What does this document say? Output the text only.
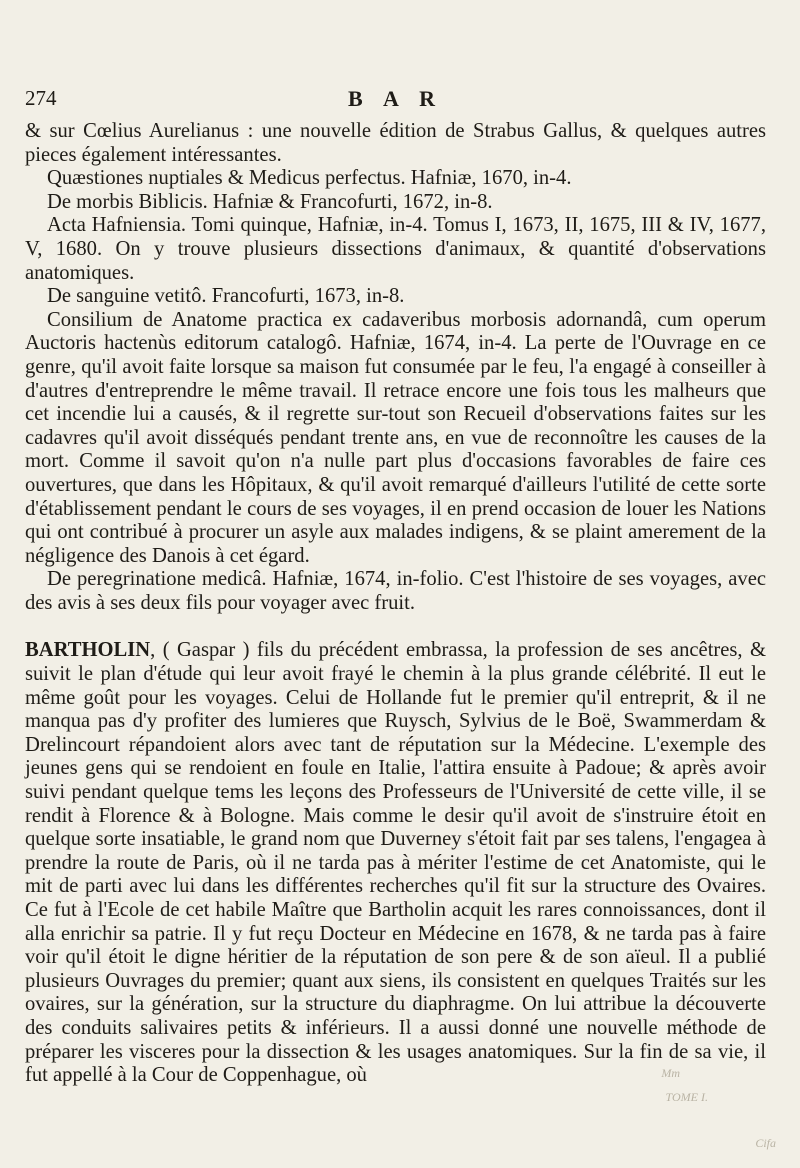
274	B A R

& sur Cœlius Aurelianus : une nouvelle édition de Strabus Gallus, & quelques autres pieces également intéressantes.

Quæstiones nuptiales & Medicus perfectus. Hafniæ, 1670, in-4.

De morbis Biblicis. Hafniæ & Francofurti, 1672, in-8.

Acta Hafniensia. Tomi quinque, Hafniæ, in-4. Tomus I, 1673, II, 1675, III & IV, 1677, V, 1680. On y trouve plusieurs dissections d'animaux, & quantité d'observations anatomiques.

De sanguine vetitô. Francofurti, 1673, in-8.

Consilium de Anatome practica ex cadaveribus morbosis adornandâ, cum operum Auctoris hactenùs editorum catalogô. Hafniæ, 1674, in-4. La perte de l'Ouvrage en ce genre, qu'il avoit faite lorsque sa maison fut consumée par le feu, l'a engagé à conseiller à d'autres d'entreprendre le même travail. Il retrace encore une fois tous les malheurs que cet incendie lui a causés, & il regrette sur-tout son Recueil d'observations faites sur les cadavres qu'il avoit disséqués pendant trente ans, en vue de reconnoître les causes de la mort. Comme il savoit qu'on n'a nulle part plus d'occasions favorables de faire ces ouvertures, que dans les Hôpitaux, & qu'il avoit remarqué d'ailleurs l'utilité de cette sorte d'établissement pendant le cours de ses voyages, il en prend occasion de louer les Nations qui ont contribué à procurer un asyle aux malades indigens, & se plaint amerement de la négligence des Danois à cet égard.

De peregrinatione medicâ. Hafniæ, 1674, in-folio. C'est l'histoire de ses voyages, avec des avis à ses deux fils pour voyager avec fruit.

BARTHOLIN, ( Gaspar ) fils du précédent embrassa, la profession de ses ancêtres, & suivit le plan d'étude qui leur avoit frayé le chemin à la plus grande célébrité. Il eut le même goût pour les voyages. Celui de Hollande fut le premier qu'il entreprit, & il ne manqua pas d'y profiter des lumieres que Ruysch, Sylvius de le Boë, Swammerdam & Drelincourt répandoient alors avec tant de réputation sur la Médecine. L'exemple des jeunes gens qui se rendoient en foule en Italie, l'attira ensuite à Padoue; & après avoir suivi pendant quelque tems les leçons des Professeurs de l'Université de cette ville, il se rendit à Florence & à Bologne. Mais comme le desir qu'il avoit de s'instruire étoit en quelque sorte insatiable, le grand nom que Duverney s'étoit fait par ses talens, l'engagea à prendre la route de Paris, où il ne tarda pas à mériter l'estime de cet Anatomiste, qui le mit de parti avec lui dans les différentes recherches qu'il fit sur la structure des Ovaires. Ce fut à l'Ecole de cet habile Maître que Bartholin acquit les rares connoissances, dont il alla enrichir sa patrie. Il y fut reçu Docteur en Médecine en 1678, & ne tarda pas à faire voir qu'il étoit le digne héritier de la réputation de son pere & de son aïeul. Il a publié plusieurs Ouvrages du premier; quant aux siens, ils consistent en quelques Traités sur les ovaires, sur la génération, sur la structure du diaphragme. On lui attribue la découverte des conduits salivaires petits & inférieurs. Il a aussi donné une nouvelle méthode de préparer les visceres pour la dissection & les usages anatomiques. Sur la fin de sa vie, il fut appellé à la Cour de Coppenhague, où

TOME I.
Mm
Cifa
